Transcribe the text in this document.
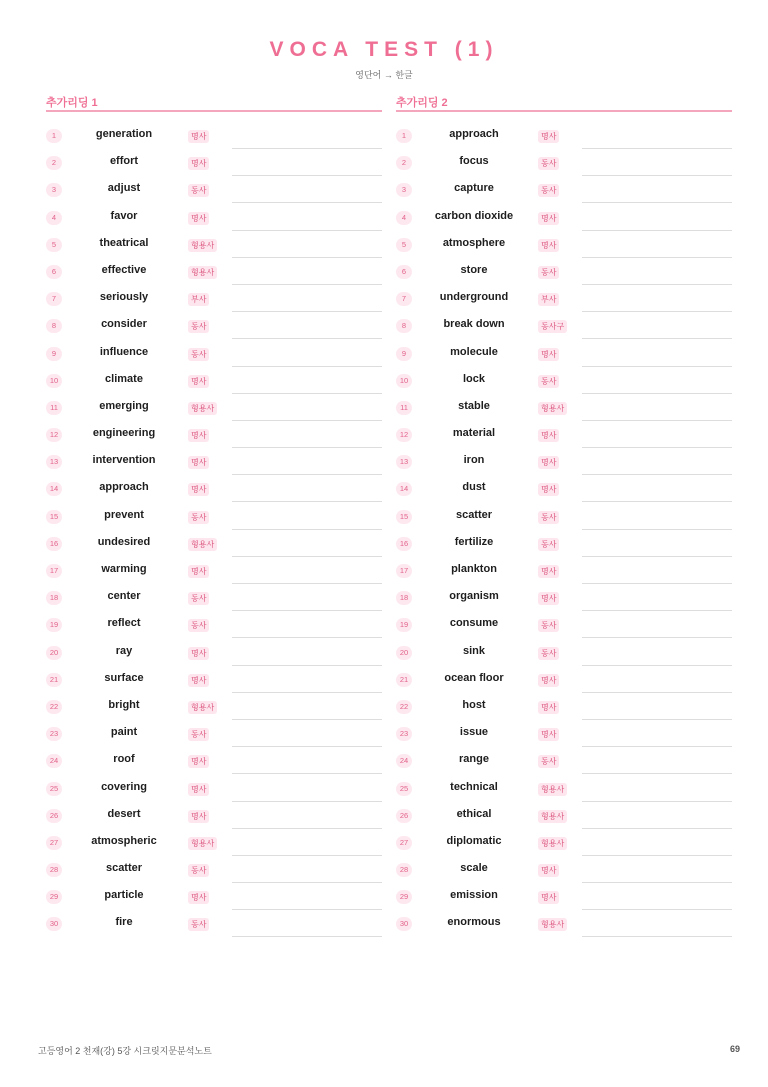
VOCA TEST (1)
영단어 → 한글
추가리딩 1
1	generation	명사
2	effort	명사
3	adjust	동사
4	favor	명사
5	theatrical	형용사
6	effective	형용사
7	seriously	부사
8	consider	동사
9	influence	동사
10	climate	명사
11	emerging	형용사
12	engineering	명사
13	intervention	명사
14	approach	명사
15	prevent	동사
16	undesired	형용사
17	warming	명사
18	center	동사
19	reflect	동사
20	ray	명사
21	surface	명사
22	bright	형용사
23	paint	동사
24	roof	명사
25	covering	명사
26	desert	명사
27	atmospheric	형용사
28	scatter	동사
29	particle	명사
30	fire	동사
추가리딩 2
1	approach	명사
2	focus	동사
3	capture	동사
4	carbon dioxide	명사
5	atmosphere	명사
6	store	동사
7	underground	부사
8	break down	동사구
9	molecule	명사
10	lock	동사
11	stable	형용사
12	material	명사
13	iron	명사
14	dust	명사
15	scatter	동사
16	fertilize	동사
17	plankton	명사
18	organism	명사
19	consume	동사
20	sink	동사
21	ocean floor	명사
22	host	명사
23	issue	명사
24	range	동사
25	technical	형용사
26	ethical	형용사
27	diplomatic	형용사
28	scale	명사
29	emission	명사
30	enormous	형용사
고등영어 2 천재(강) 5강 시크릿지문분석노트	69
